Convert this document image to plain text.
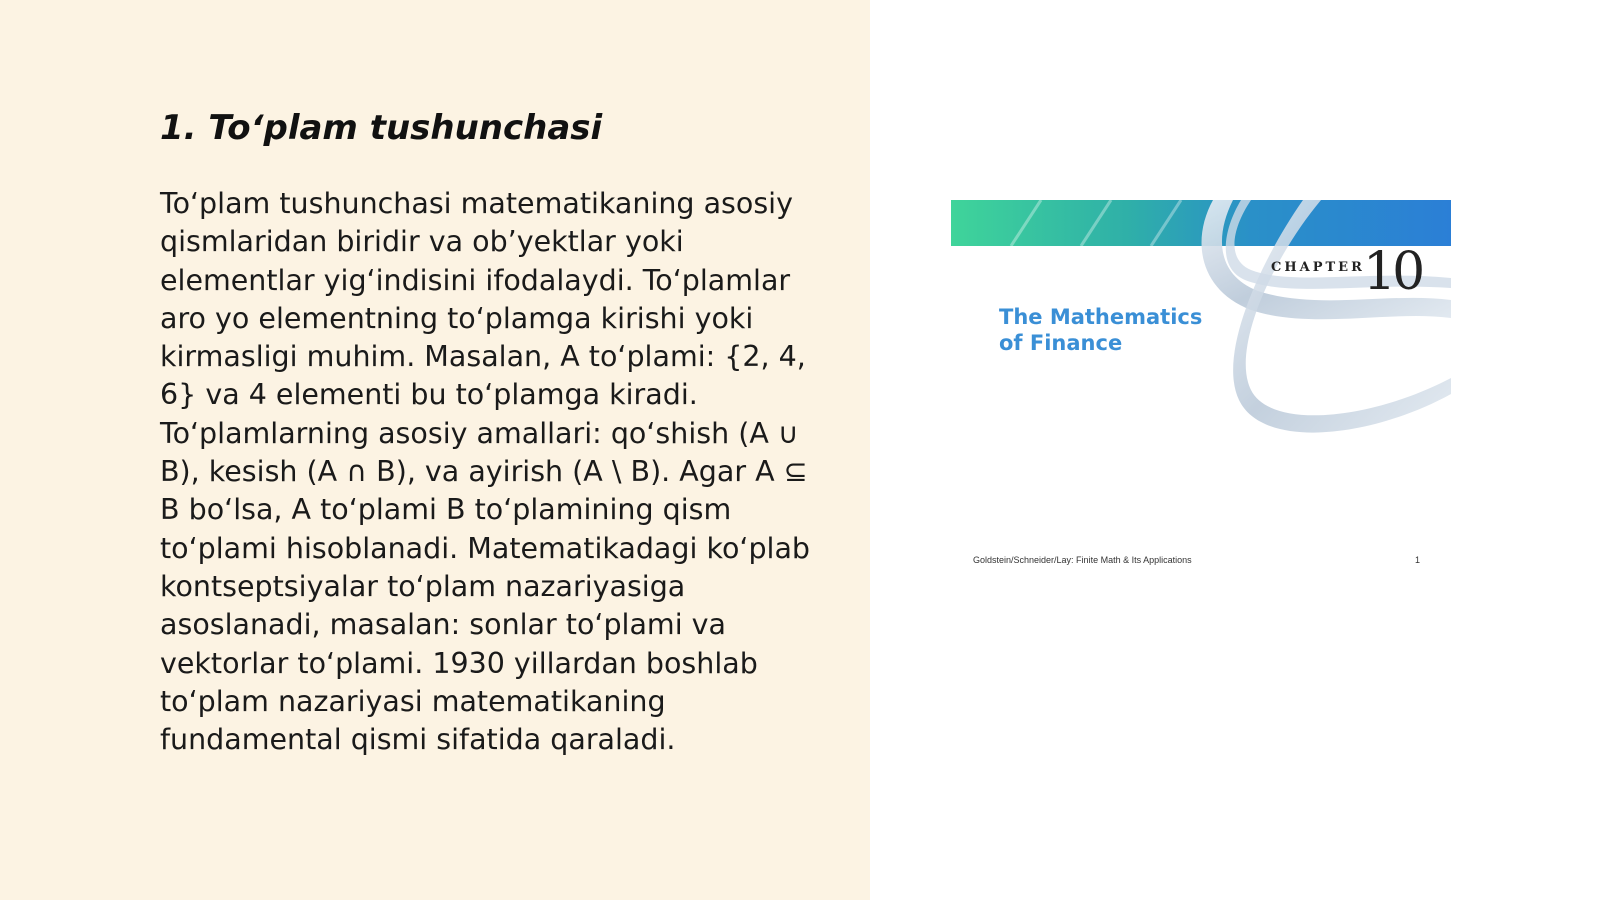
1. To‘plam tushunchasi

To‘plam tushunchasi matematikaning asosiy qismlaridan biridir va ob’yektlar yoki elementlar yig‘indisini ifodalaydi. To‘plamlar aro yo elementning to‘plamga kirishi yoki kirmasligi muhim. Masalan, A to‘plami: {2, 4, 6} va 4 elementi bu to‘plamga kiradi. To‘plamlarning asosiy amallari: qo‘shish (A ∪ B), kesish (A ∩ B), va ayirish (A \ B). Agar A ⊆ B bo‘lsa, A to‘plami B to‘plamining qism to‘plami hisoblanadi. Matematikadagi ko‘plab kontseptsiyalar to‘plam nazariyasiga asoslanadi, masalan: sonlar to‘plami va vektorlar to‘plami. 1930 yillardan boshlab to‘plam nazariyasi matematikaning fundamental qismi sifatida qaraladi.

CHAPTER
10
The Mathematics of Finance
Goldstein/Schneider/Lay: Finite Math & Its Applications	1
